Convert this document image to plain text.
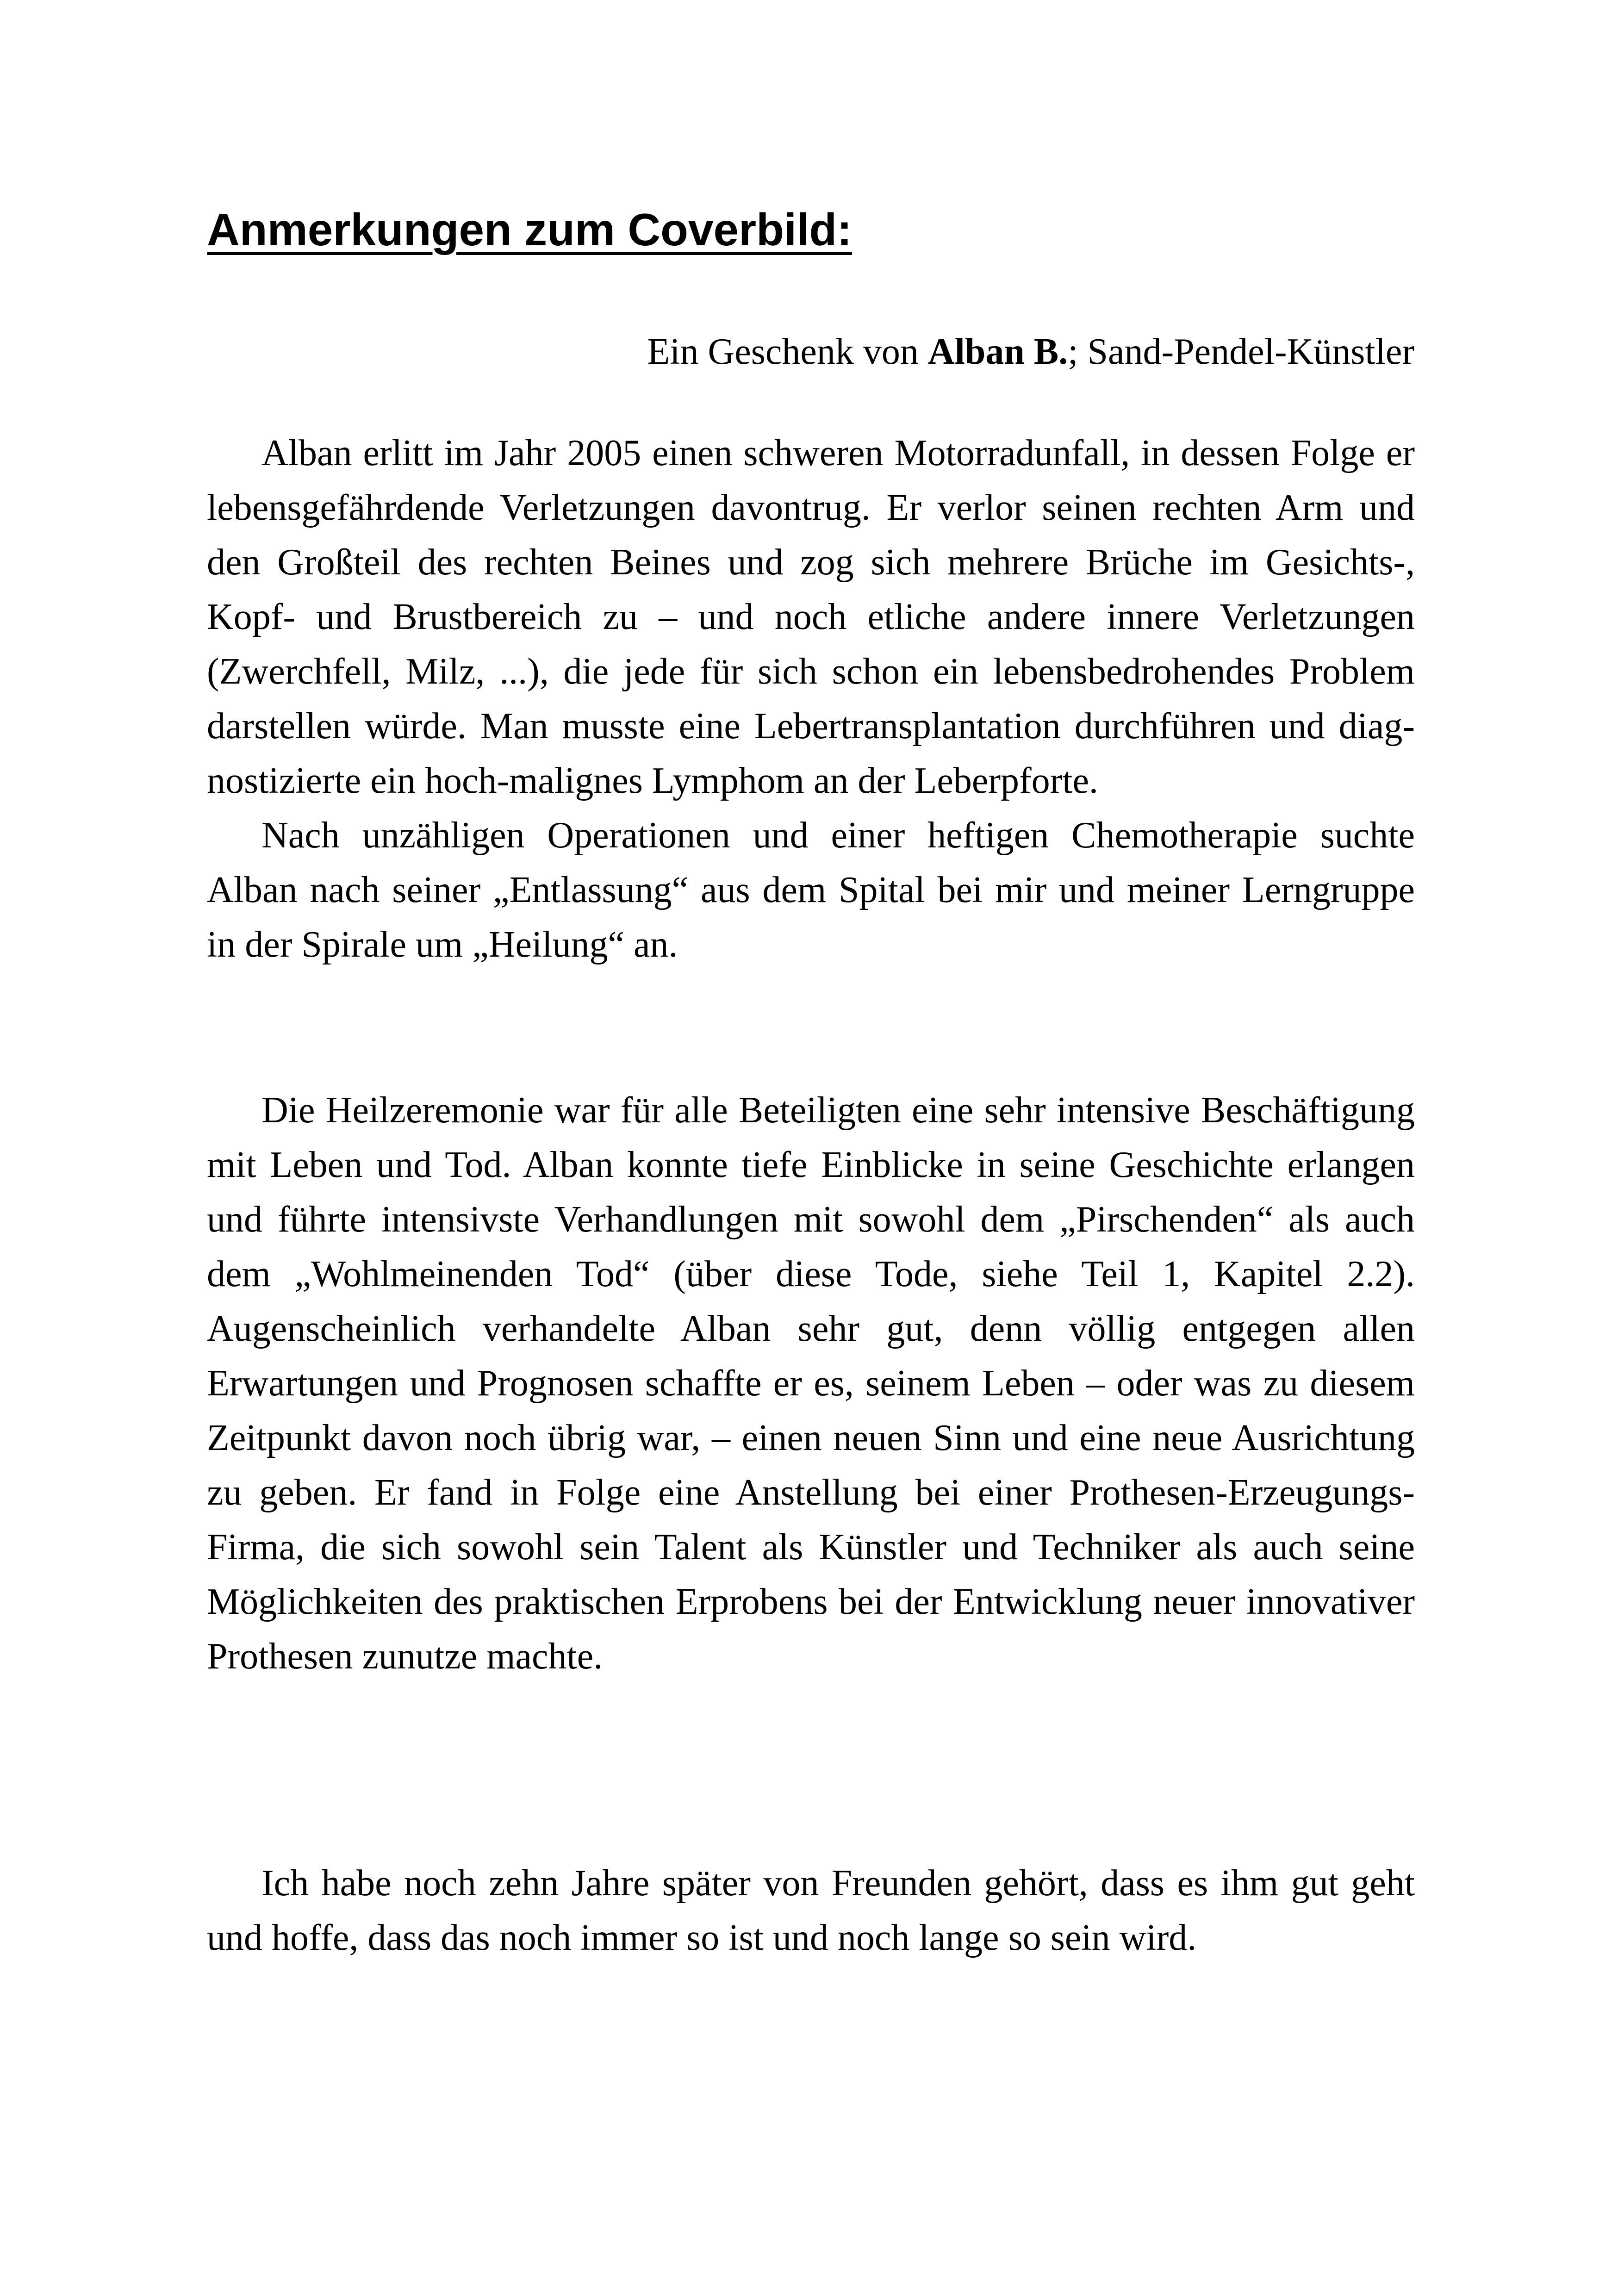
Anmerkungen zum Coverbild:
Ein Geschenk von Alban B.; Sand-Pendel-Künstler

Alban erlitt im Jahr 2005 einen schweren Motorradunfall, in dessen Folge er lebensgefährdende Verletzungen davontrug. Er verlor seinen rechten Arm und den Großteil des rechten Beines und zog sich mehrere Brüche im Gesichts-, Kopf- und Brustbereich zu – und noch etliche andere innere Verletzungen (Zwerchfell, Milz, ...), die jede für sich schon ein lebensbedrohendes Problem darstellen würde. Man musste eine Lebertransplantation durchführen und diagnostizierte ein hoch-malignes Lymphom an der Leberpforte.

Nach unzähligen Operationen und einer heftigen Chemotherapie suchte Alban nach seiner „Entlassung“ aus dem Spital bei mir und meiner Lerngruppe in der Spirale um „Heilung“ an.

Die Heilzeremonie war für alle Beteiligten eine sehr intensive Beschäftigung mit Leben und Tod. Alban konnte tiefe Einblicke in seine Geschichte erlangen und führte intensivste Verhandlungen mit sowohl dem „Pirschenden“ als auch dem „Wohlmeinenden Tod“ (über diese Tode, siehe Teil 1, Kapitel 2.2). Augenscheinlich verhandelte Alban sehr gut, denn völlig entgegen allen Erwartungen und Prognosen schaffte er es, seinem Leben – oder was zu diesem Zeitpunkt davon noch übrig war, – einen neuen Sinn und eine neue Ausrichtung zu geben. Er fand in Folge eine Anstellung bei einer Prothesen-Erzeugungs-Firma, die sich sowohl sein Talent als Künstler und Techniker als auch seine Möglichkeiten des praktischen Erprobens bei der Entwicklung neuer innovativer Prothesen zunutze machte.

Ich habe noch zehn Jahre später von Freunden gehört, dass es ihm gut geht und hoffe, dass das noch immer so ist und noch lange so sein wird.
